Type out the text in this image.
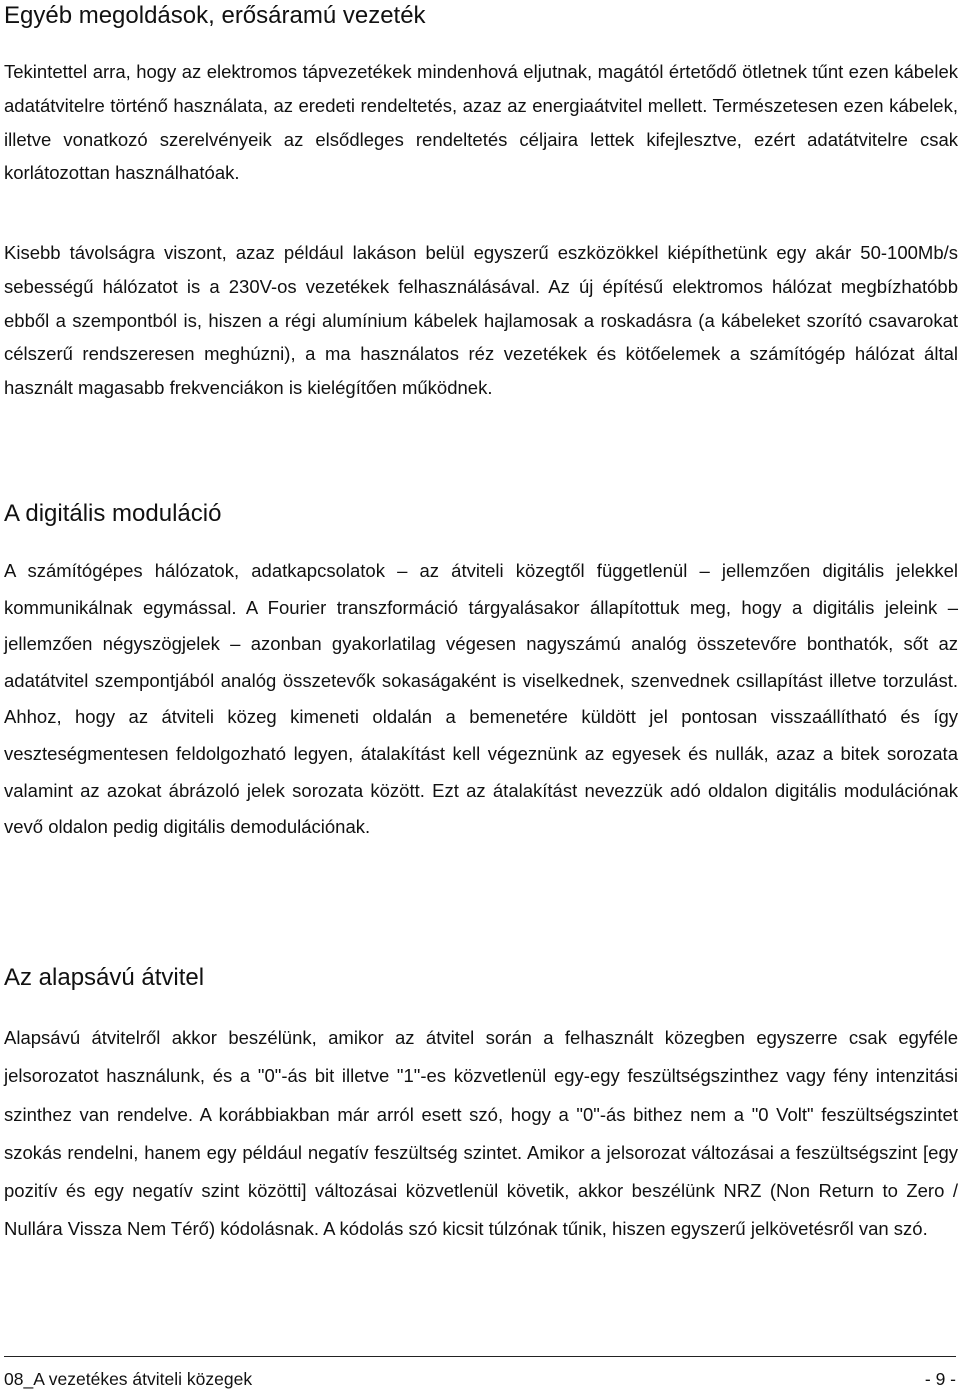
Egyéb megoldások, erősáramú vezeték

Tekintettel arra, hogy az elektromos tápvezetékek mindenhová eljutnak, magától értetődő ötletnek tűnt ezen kábelek adatátvitelre történő használata, az eredeti rendeltetés, azaz az energiaátvitel mellett. Természetesen ezen kábelek, illetve vonatkozó szerelvényeik az elsődleges rendeltetés céljaira lettek kifejlesztve, ezért adatátvitelre csak korlátozottan használhatóak.

Kisebb távolságra viszont, azaz például lakáson belül egyszerű eszközökkel kiépíthetünk egy akár 50-100Mb/s sebességű hálózatot is a 230V-os vezetékek felhasználásával. Az új építésű elektromos hálózat megbízhatóbb ebből a szempontból is, hiszen a régi alumínium kábelek hajlamosak a roskadásra (a kábeleket szorító csavarokat célszerű rendszeresen meghúzni), a ma használatos réz vezetékek és kötőelemek a számítógép hálózat által használt magasabb frekvenciákon is kielégítően működnek.

A digitális moduláció

A számítógépes hálózatok, adatkapcsolatok – az átviteli közegtől függetlenül – jellemzően digitális jelekkel kommunikálnak egymással. A Fourier transzformáció tárgyalásakor állapítottuk meg, hogy a digitális jeleink – jellemzően négyszögjelek – azonban gyakorlatilag végesen nagyszámú analóg összetevőre bonthatók, sőt az adatátvitel szempontjából analóg összetevők sokaságaként is viselkednek, szenvednek csillapítást illetve torzulást. Ahhoz, hogy az átviteli közeg kimeneti oldalán a bemenetére küldött jel pontosan visszaállítható és így veszteségmentesen feldolgozható legyen, átalakítást kell végeznünk az egyesek és nullák, azaz a bitek sorozata valamint az azokat ábrázoló jelek sorozata között. Ezt az átalakítást nevezzük adó oldalon digitális modulációnak vevő oldalon pedig digitális demodulációnak.

Az alapsávú átvitel

Alapsávú átvitelről akkor beszélünk, amikor az átvitel során a felhasznált közegben egyszerre csak egyféle jelsorozatot használunk, és a "0"-ás bit illetve "1"-es közvetlenül egy-egy feszültségszinthez vagy fény intenzitási szinthez van rendelve. A korábbiakban már arról esett szó, hogy a "0"-ás bithez nem a "0 Volt" feszültségszintet szokás rendelni, hanem egy például negatív feszültség szintet. Amikor a jelsorozat változásai a feszültségszint [egy pozitív és egy negatív szint közötti] változásai közvetlenül követik, akkor beszélünk NRZ (Non Return to Zero / Nullára Vissza Nem Térő) kódolásnak. A kódolás szó kicsit túlzónak tűnik, hiszen egyszerű jelkövetésről van szó.

08_A vezetékes átviteli közegek	- 9 -
